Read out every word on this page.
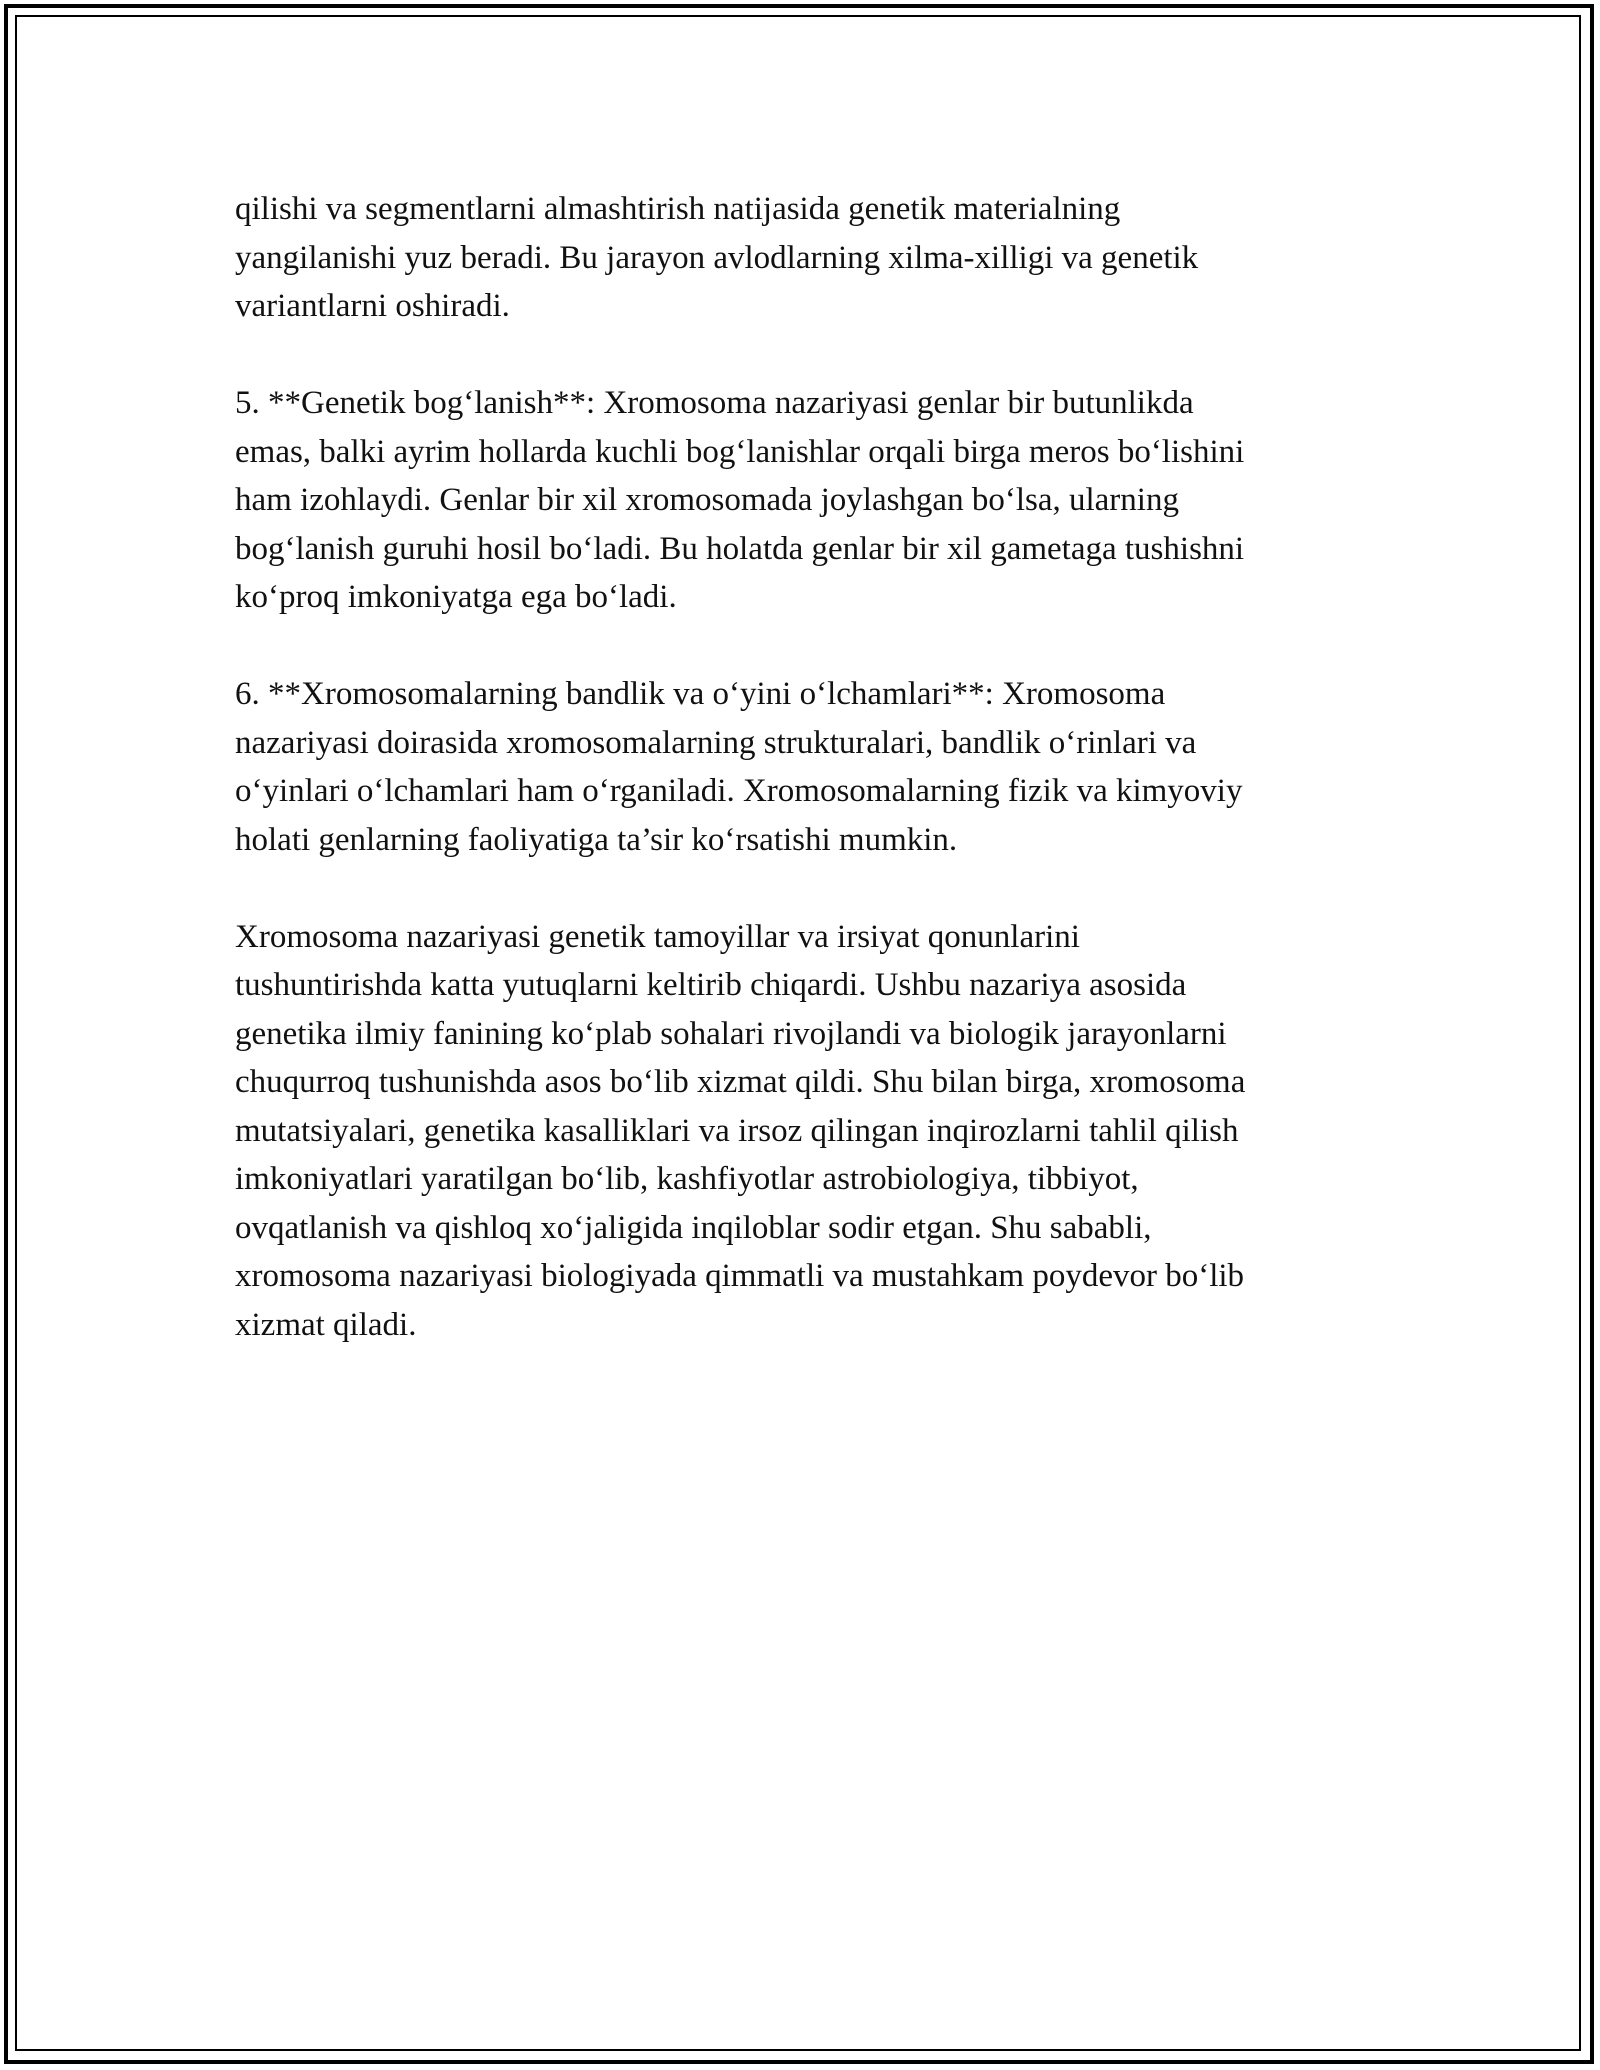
qilishi va segmentlarni almashtirish natijasida genetik materialning
yangilanishi yuz beradi. Bu jarayon avlodlarning xilma-xilligi va genetik
variantlarni oshiradi.

5. **Genetik bog‘lanish**: Xromosoma nazariyasi genlar bir butunlikda
emas, balki ayrim hollarda kuchli bog‘lanishlar orqali birga meros bo‘lishini
ham izohlaydi. Genlar bir xil xromosomada joylashgan bo‘lsa, ularning
bog‘lanish guruhi hosil bo‘ladi. Bu holatda genlar bir xil gametaga tushishni
ko‘proq imkoniyatga ega bo‘ladi.

6. **Xromosomalarning bandlik va o‘yini o‘lchamlari**: Xromosoma
nazariyasi doirasida xromosomalarning strukturalari, bandlik o‘rinlari va
o‘yinlari o‘lchamlari ham o‘rganiladi. Xromosomalarning fizik va kimyoviy
holati genlarning faoliyatiga ta’sir ko‘rsatishi mumkin.

Xromosoma nazariyasi genetik tamoyillar va irsiyat qonunlarini
tushuntirishda katta yutuqlarni keltirib chiqardi. Ushbu nazariya asosida
genetika ilmiy fanining ko‘plab sohalari rivojlandi va biologik jarayonlarni
chuqurroq tushunishda asos bo‘lib xizmat qildi. Shu bilan birga, xromosoma
mutatsiyalari, genetika kasalliklari va irsoz qilingan inqirozlarni tahlil qilish
imkoniyatlari yaratilgan bo‘lib, kashfiyotlar astrobiologiya, tibbiyot,
ovqatlanish va qishloq xo‘jaligida inqiloblar sodir etgan. Shu sababli,
xromosoma nazariyasi biologiyada qimmatli va mustahkam poydevor bo‘lib
xizmat qiladi.
